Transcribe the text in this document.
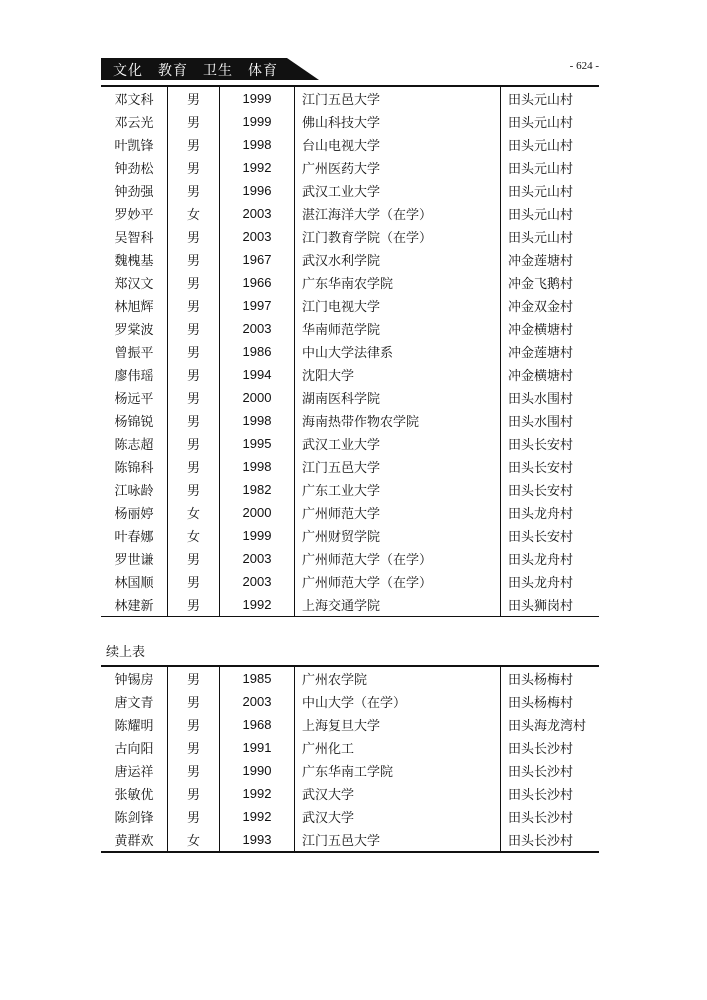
文化　教育　卫生　体育	- 624 -
邓文科	男	1999	江门五邑大学	田头元山村
邓云光	男	1999	佛山科技大学	田头元山村
叶凯锋	男	1998	台山电视大学	田头元山村
钟劲松	男	1992	广州医药大学	田头元山村
钟劲强	男	1996	武汉工业大学	田头元山村
罗妙平	女	2003	湛江海洋大学（在学）	田头元山村
吴智科	男	2003	江门教育学院（在学）	田头元山村
魏槐基	男	1967	武汉水利学院	冲金莲塘村
郑汉文	男	1966	广东华南农学院	冲金飞鹅村
林旭辉	男	1997	江门电视大学	冲金双金村
罗棠波	男	2003	华南师范学院	冲金横塘村
曾振平	男	1986	中山大学法律系	冲金莲塘村
廖伟瑶	男	1994	沈阳大学	冲金横塘村
杨远平	男	2000	湖南医科学院	田头水围村
杨锦锐	男	1998	海南热带作物农学院	田头水围村
陈志超	男	1995	武汉工业大学	田头长安村
陈锦科	男	1998	江门五邑大学	田头长安村
江咏龄	男	1982	广东工业大学	田头长安村
杨丽婷	女	2000	广州师范大学	田头龙舟村
叶春娜	女	1999	广州财贸学院	田头长安村
罗世谦	男	2003	广州师范大学（在学）	田头龙舟村
林国顺	男	2003	广州师范大学（在学）	田头龙舟村
林建新	男	1992	上海交通学院	田头狮岗村
续上表
钟锡房	男	1985	广州农学院	田头杨梅村
唐文青	男	2003	中山大学（在学）	田头杨梅村
陈耀明	男	1968	上海复旦大学	田头海龙湾村
古向阳	男	1991	广州化工	田头长沙村
唐运祥	男	1990	广东华南工学院	田头长沙村
张敏优	男	1992	武汉大学	田头长沙村
陈剑锋	男	1992	武汉大学	田头长沙村
黄群欢	女	1993	江门五邑大学	田头长沙村
